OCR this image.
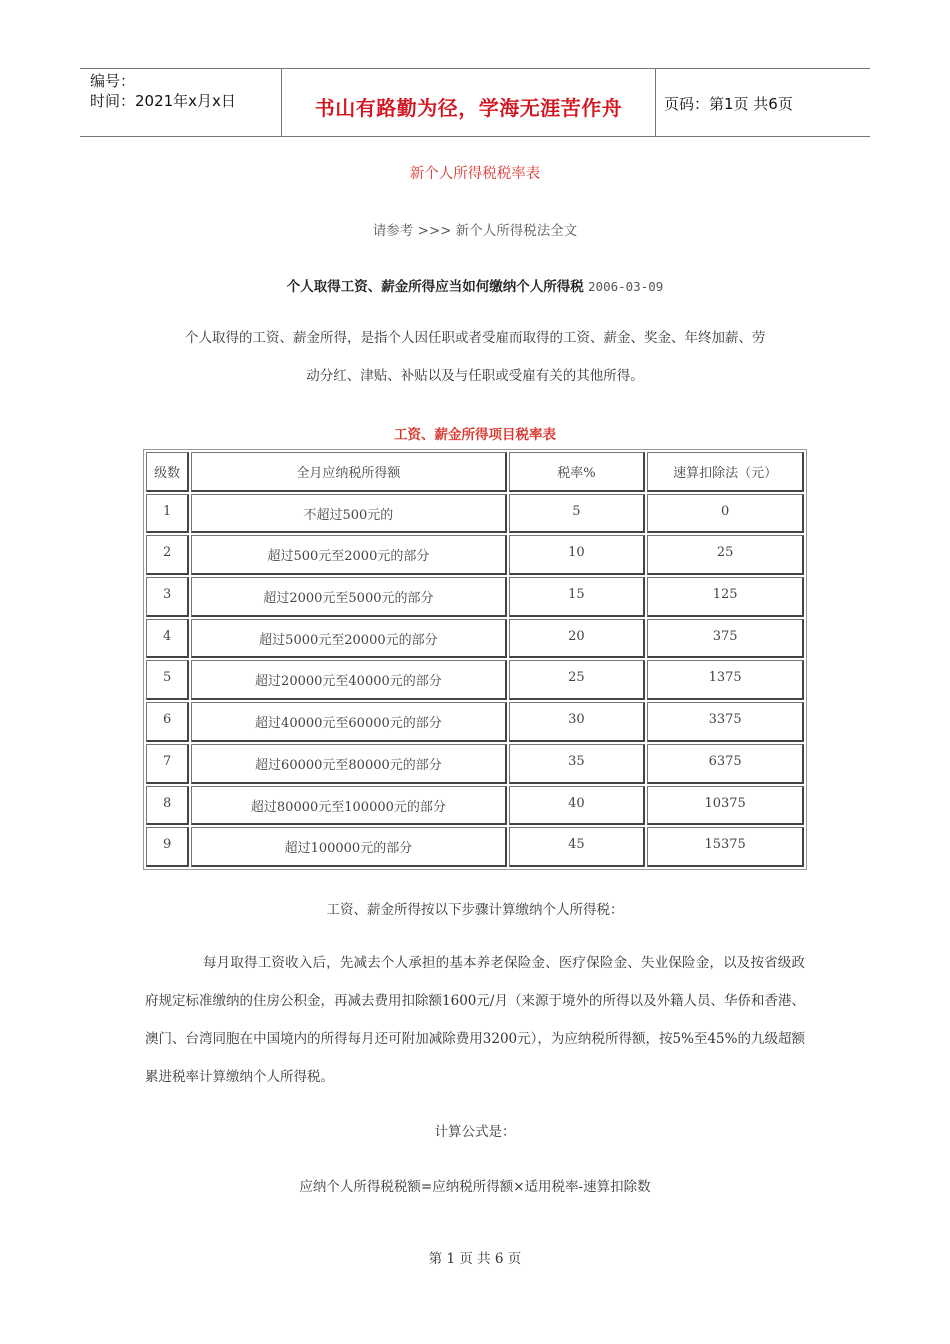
编号：
时间：2021年x月x日	书山有路勤为径，学海无涯苦作舟	页码：第1页 共6页
新个人所得税税率表
请参考 >>> 新个人所得税法全文
个人取得工资、薪金所得应当如何缴纳个人所得税 2006-03-09
个人取得的工资、薪金所得，是指个人因任职或者受雇而取得的工资、薪金、奖金、年终加薪、劳
动分红、津贴、补贴以及与任职或受雇有关的其他所得。
工资、薪金所得项目税率表
级数	全月应纳税所得额	税率%	速算扣除法（元）
1	不超过500元的	5	0
2	超过500元至2000元的部分	10	25
3	超过2000元至5000元的部分	15	125
4	超过5000元至20000元的部分	20	375
5	超过20000元至40000元的部分	25	1375
6	超过40000元至60000元的部分	30	3375
7	超过60000元至80000元的部分	35	6375
8	超过80000元至100000元的部分	40	10375
9	超过100000元的部分	45	15375
工资、薪金所得按以下步骤计算缴纳个人所得税：
每月取得工资收入后，先减去个人承担的基本养老保险金、医疗保险金、失业保险金，以及按省级政府规定标准缴纳的住房公积金，再减去费用扣除额1600元/月（来源于境外的所得以及外籍人员、华侨和香港、澳门、台湾同胞在中国境内的所得每月还可附加减除费用3200元），为应纳税所得额，按5%至45%的九级超额累进税率计算缴纳个人所得税。
计算公式是：
应纳个人所得税税额=应纳税所得额×适用税率-速算扣除数
第 1 页 共 6 页
